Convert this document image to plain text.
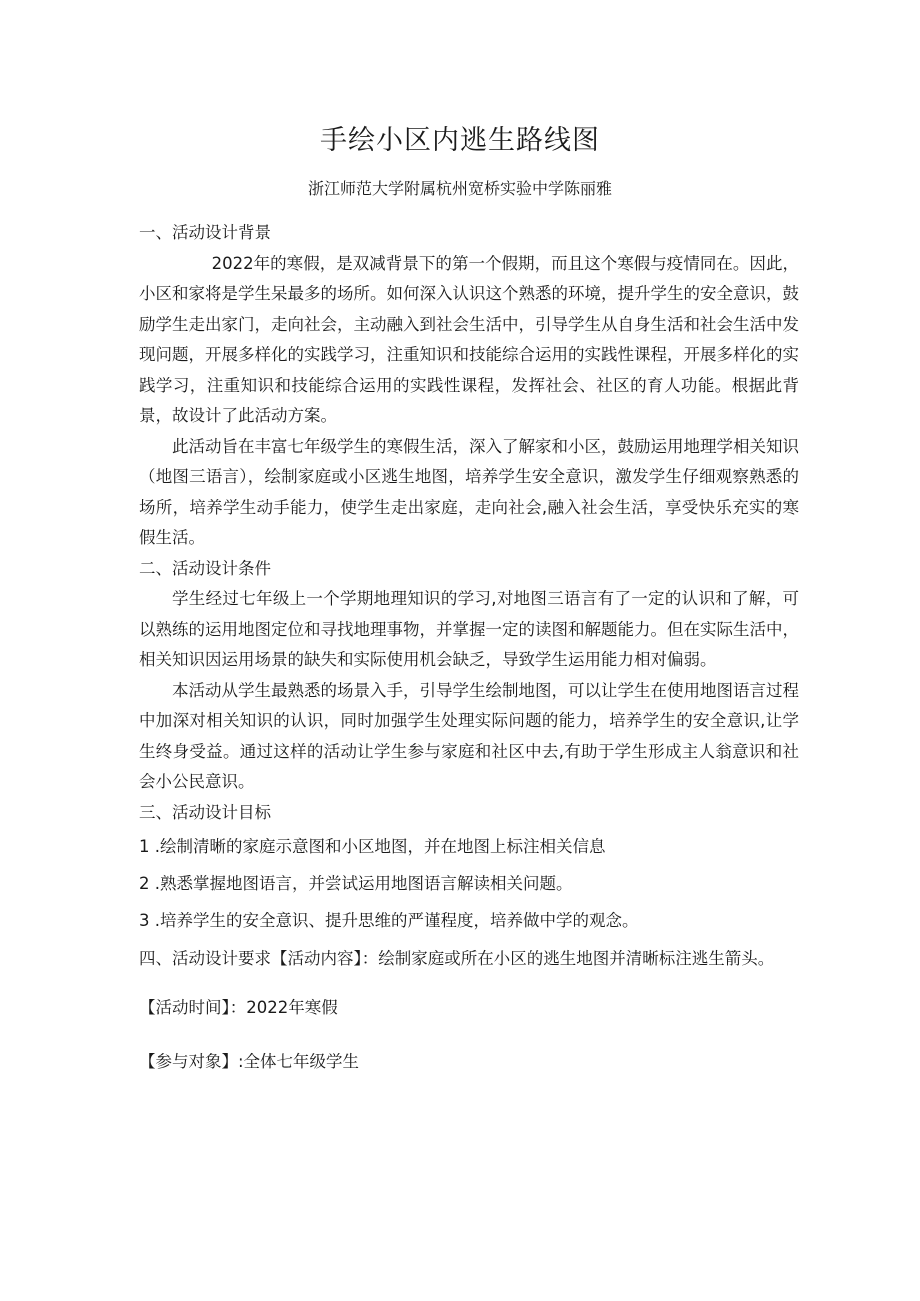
手绘小区内逃生路线图
浙江师范大学附属杭州宽桥实验中学陈丽雅
一、活动设计背景

2022年的寒假，是双减背景下的第一个假期，而且这个寒假与疫情同在。因此，小区和家将是学生呆最多的场所。如何深入认识这个熟悉的环境，提升学生的安全意识，鼓励学生走出家门，走向社会，主动融入到社会生活中，引导学生从自身生活和社会生活中发现问题，开展多样化的实践学习，注重知识和技能综合运用的实践性课程，开展多样化的实践学习，注重知识和技能综合运用的实践性课程，发挥社会、社区的育人功能。根据此背景，故设计了此活动方案。

此活动旨在丰富七年级学生的寒假生活，深入了解家和小区，鼓励运用地理学相关知识（地图三语言），绘制家庭或小区逃生地图，培养学生安全意识，激发学生仔细观察熟悉的场所，培养学生动手能力，使学生走出家庭，走向社会,融入社会生活，享受快乐充实的寒假生活。

二、活动设计条件

学生经过七年级上一个学期地理知识的学习,对地图三语言有了一定的认识和了解，可以熟练的运用地图定位和寻找地理事物，并掌握一定的读图和解题能力。但在实际生活中，相关知识因运用场景的缺失和实际使用机会缺乏，导致学生运用能力相对偏弱。

本活动从学生最熟悉的场景入手，引导学生绘制地图，可以让学生在使用地图语言过程中加深对相关知识的认识，同时加强学生处理实际问题的能力，培养学生的安全意识,让学生终身受益。通过这样的活动让学生参与家庭和社区中去,有助于学生形成主人翁意识和社会小公民意识。

三、活动设计目标
1 .绘制清晰的家庭示意图和小区地图，并在地图上标注相关信息
2 .熟悉掌握地图语言，并尝试运用地图语言解读相关问题。
3 .培养学生的安全意识、提升思维的严谨程度，培养做中学的观念。
四、活动设计要求【活动内容】：绘制家庭或所在小区的逃生地图并清晰标注逃生箭头。
【活动时间】：2022年寒假
【参与对象】:全体七年级学生
